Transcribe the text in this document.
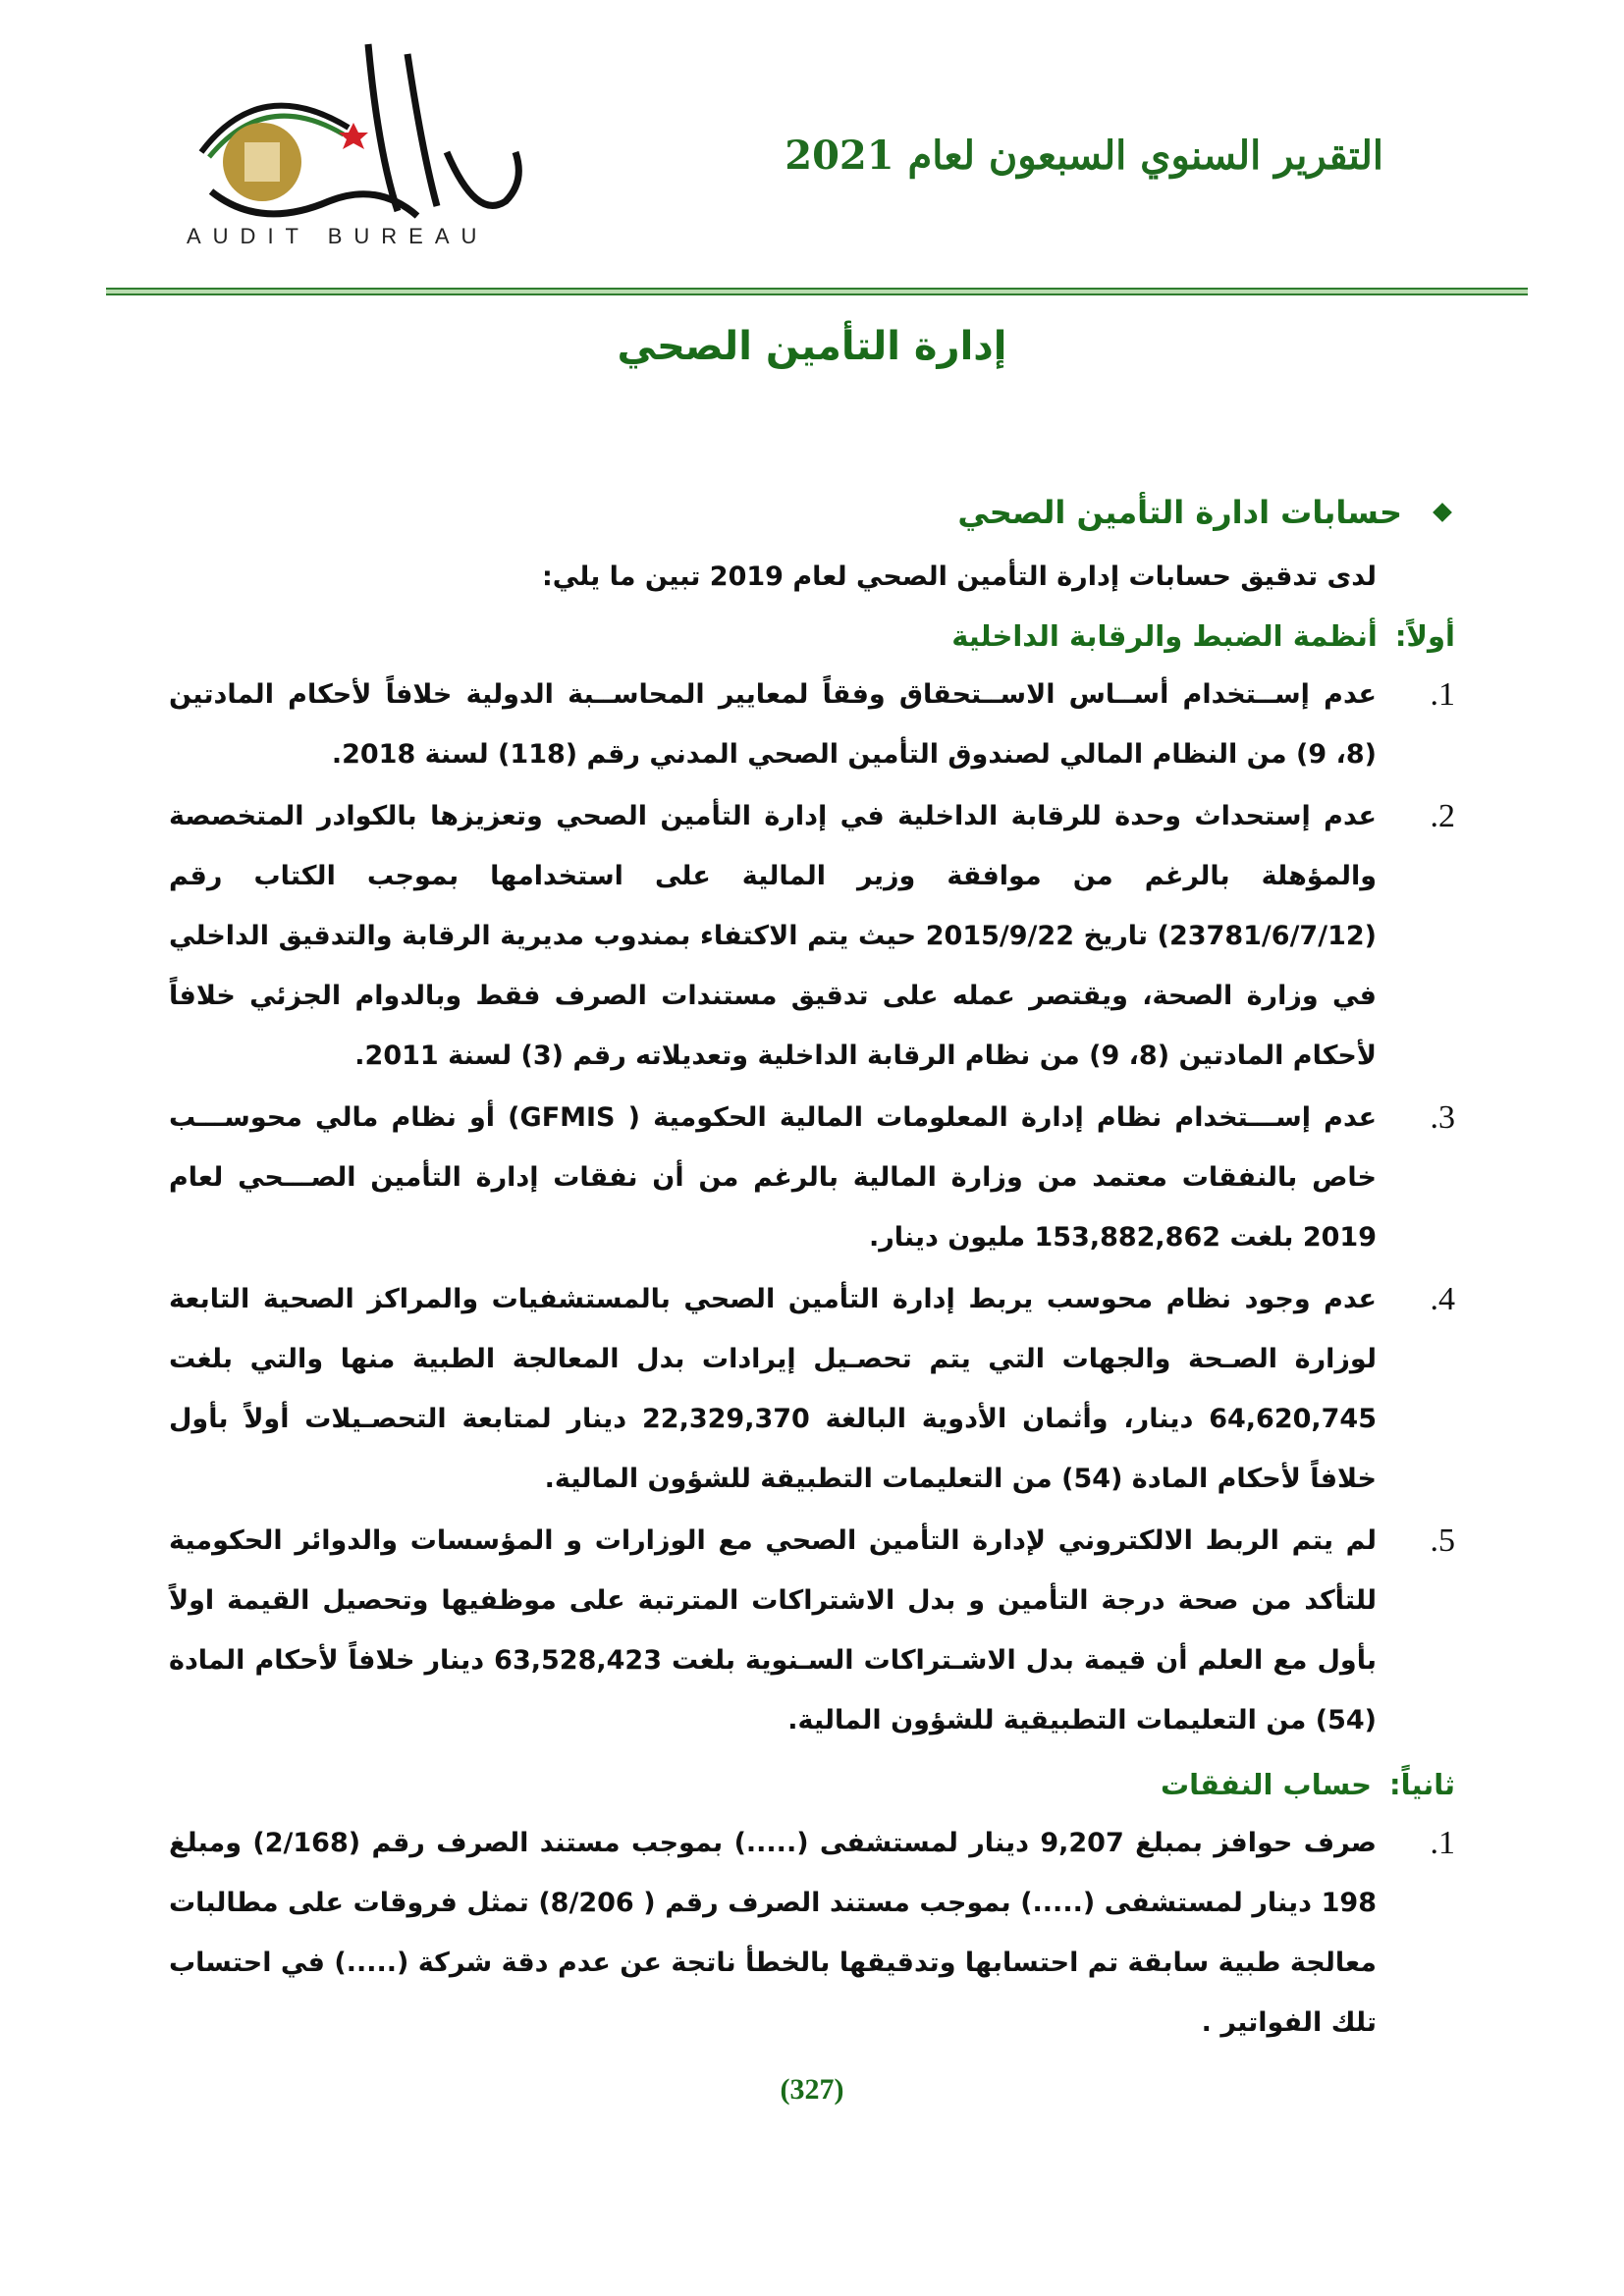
AUDIT BUREAU
التقرير السنوي السبعون لعام 2021
إدارة التأمين الصحي
حسابات ادارة التأمين الصحي
لدى تدقيق حسابات إدارة التأمين الصحي لعام 2019 تبين ما يلي:
أولاً:أنظمة الضبط والرقابة الداخلية
1.
عدم إســتخدام أســاس الاســتحقاق وفقاً لمعايير المحاســبة الدولية خلافاً لأحكام المادتين (8، 9) من النظام المالي لصندوق التأمين الصحي المدني رقم (118) لسنة 2018.
2.
عدم إستحداث وحدة للرقابة الداخلية في إدارة التأمين الصحي وتعزيزها بالكوادر المتخصصة والمؤهلة بالرغم من موافقة وزير المالية على استخدامها بموجب الكتاب رقم (23781/6/7/12) تاريخ 2015/9/22 حيث يتم الاكتفاء بمندوب مديرية الرقابة والتدقيق الداخلي في وزارة الصحة، ويقتصر عمله على تدقيق مستندات الصرف فقط وبالدوام الجزئي خلافاً لأحكام المادتين (8، 9) من نظام الرقابة الداخلية وتعديلاته رقم (3) لسنة 2011.
3.
عدم إســـتخدام نظام إدارة المعلومات المالية الحكومية ( GFMIS) أو نظام مالي محوســـب خاص بالنفقات معتمد من وزارة المالية بالرغم من أن نفقات إدارة التأمين الصـــحي لعام 2019 بلغت 153,882,862 مليون دينار.
4.
عدم وجود نظام محوسب يربط إدارة التأمين الصحي بالمستشفيات والمراكز الصحية التابعة لوزارة الصـحة والجهات التي يتم تحصـيل إيرادات بدل المعالجة الطبية منها والتي بلغت 64,620,745 دينار، وأثمان الأدوية البالغة 22,329,370 دينار لمتابعة التحصـيلات أولاً بأول خلافاً لأحكام المادة (54) من التعليمات التطبيقة للشؤون المالية.
5.
لم يتم الربط الالكتروني لإدارة التأمين الصحي مع الوزارات و المؤسسات والدوائر الحكومية للتأكد من صحة درجة التأمين و بدل الاشتراكات المترتبة على موظفيها وتحصيل القيمة اولاً بأول مع العلم أن قيمة بدل الاشـتراكات السـنوية بلغت 63,528,423 دينار خلافاً لأحكام المادة (54) من التعليمات التطبيقية للشؤون المالية.
ثانياً:حساب النفقات
1.
صرف حوافز بمبلغ 9,207 دينار لمستشفى (.....) بموجب مستند الصرف رقم (2/168) ومبلغ 198 دينار لمستشفى (.....) بموجب مستند الصرف رقم ( 8/206) تمثل فروقات على مطالبات معالجة طبية سابقة تم احتسابها وتدقيقها بالخطأ ناتجة عن عدم دقة شركة (.....) في احتساب تلك الفواتير .
(327)
